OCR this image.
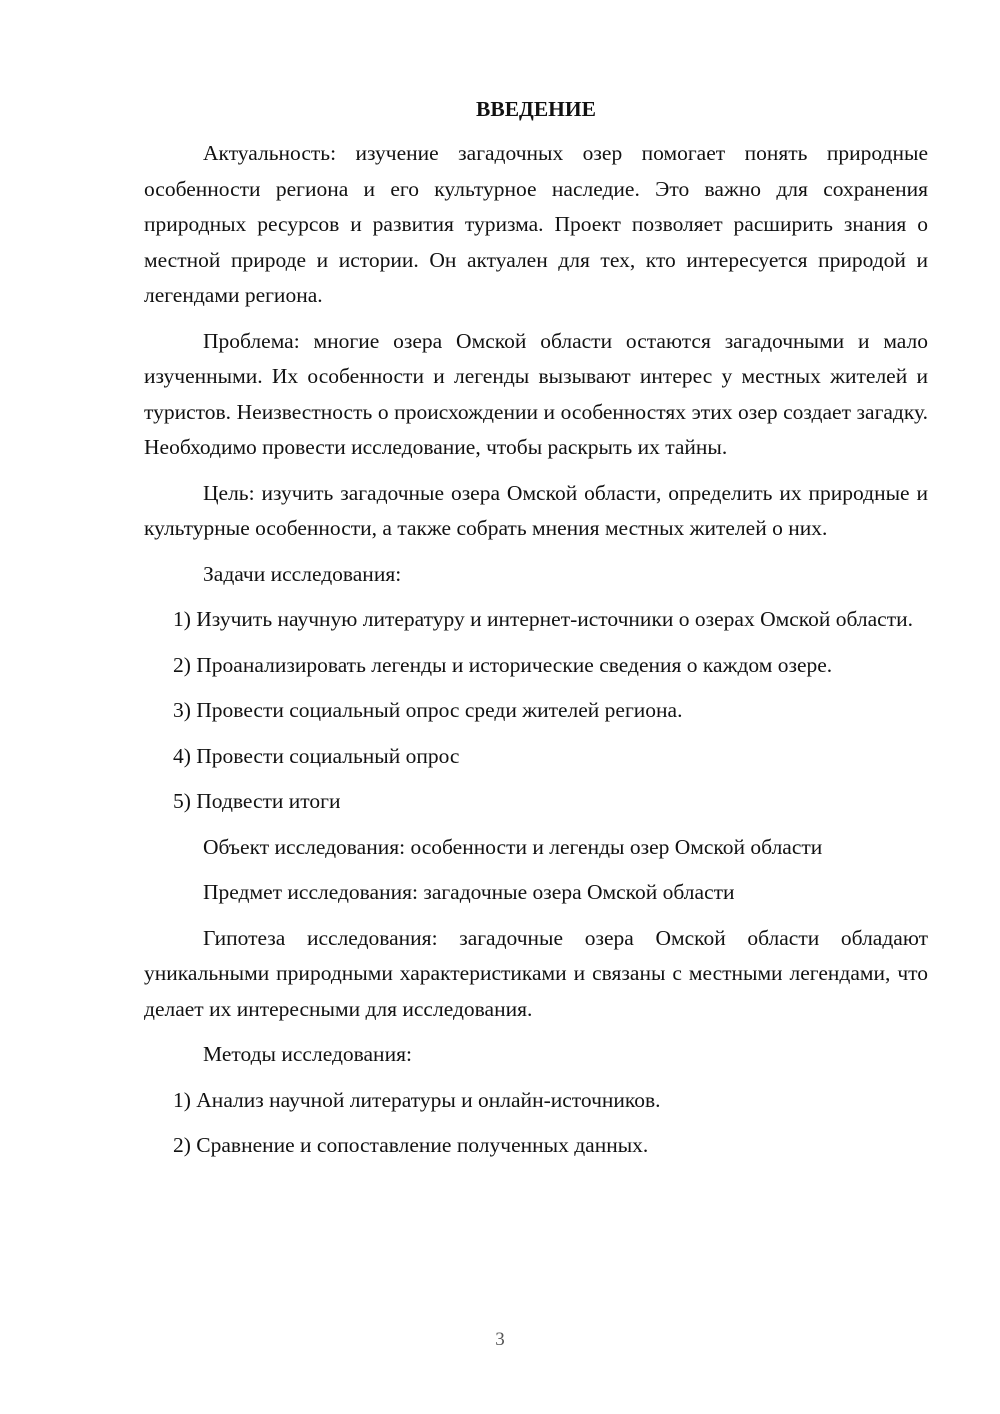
ВВЕДЕНИЕ

Актуальность: изучение загадочных озер помогает понять природные особенности региона и его культурное наследие. Это важно для сохранения природных ресурсов и развития туризма. Проект позволяет расширить знания о местной природе и истории. Он актуален для тех, кто интересуется природой и легендами региона.

Проблема: многие озера Омской области остаются загадочными и мало изученными. Их особенности и легенды вызывают интерес у местных жителей и туристов. Неизвестность о происхождении и особенностях этих озер создает загадку. Необходимо провести исследование, чтобы раскрыть их тайны.

Цель: изучить загадочные озера Омской области, определить их природные и культурные особенности, а также собрать мнения местных жителей о них.

Задачи исследования:

1) Изучить научную литературу и интернет-источники о озерах Омской области.

2) Проанализировать легенды и исторические сведения о каждом озере.

3) Провести социальный опрос среди жителей региона.

4) Провести социальный опрос

5) Подвести итоги

Объект исследования: особенности и легенды озер Омской области

Предмет исследования: загадочные озера Омской области

Гипотеза исследования: загадочные озера Омской области обладают уникальными природными характеристиками и связаны с местными легендами, что делает их интересными для исследования.

Методы исследования:

1) Анализ научной литературы и онлайн-источников.

2) Сравнение и сопоставление полученных данных.

3
